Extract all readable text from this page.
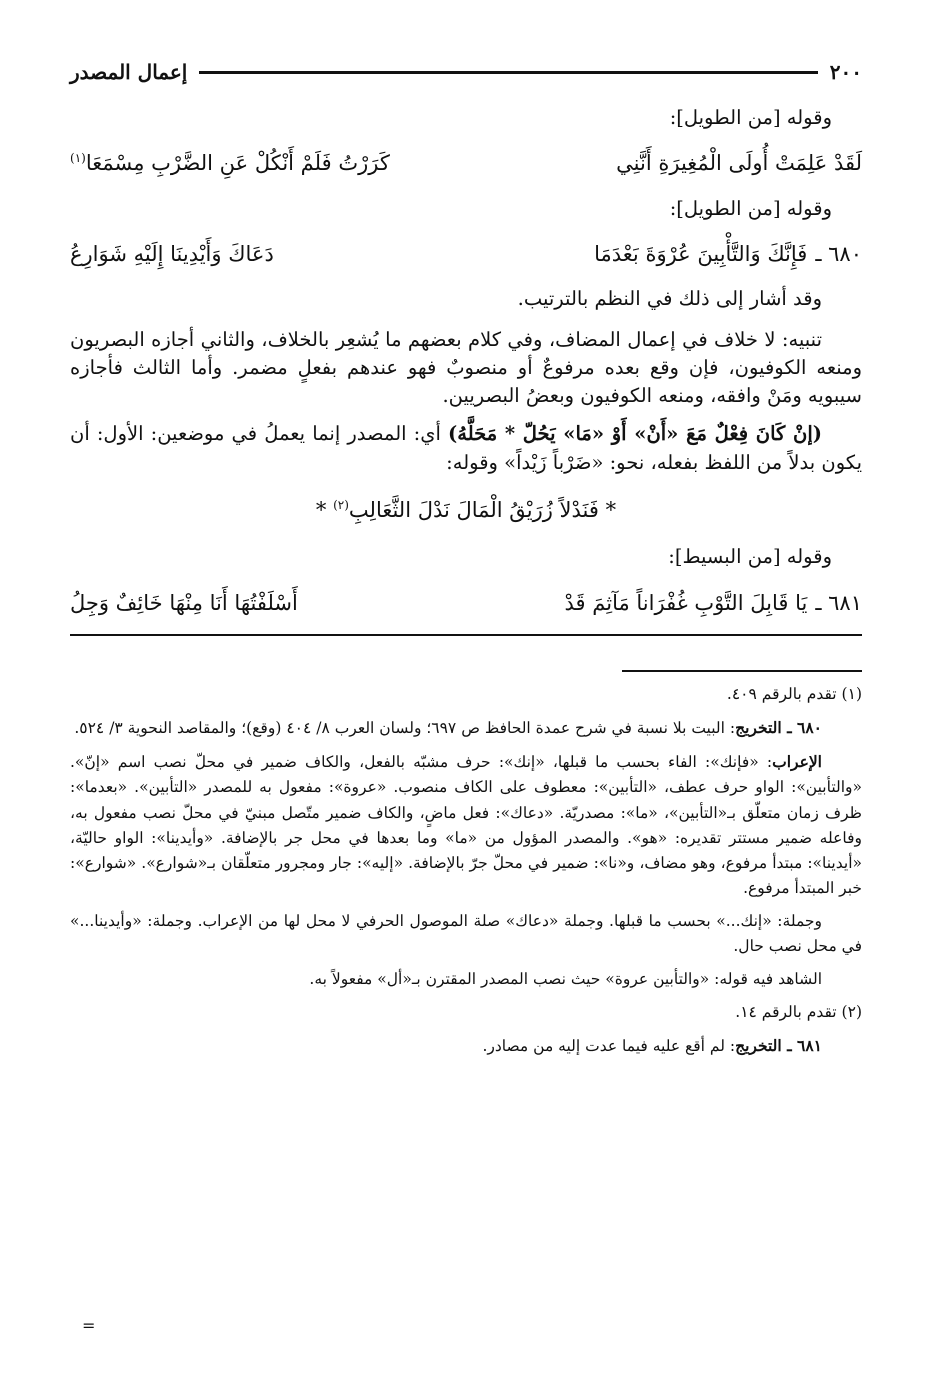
٢٠٠
إعمال المصدر
وقوله [من الطويل]:
لَقَدْ عَلِمَتْ أُولَى الْمُغِيرَةِ أَنَّنِي
كَرَرْتُ فَلَمْ أَنْكُلْ عَنِ الضَّرْبِ مِسْمَعَا$^{(١)}$
وقوله [من الطويل]:
٦٨٠ ـ
فَإِنَّكَ وَالتَّأْبِينَ عُرْوَةَ بَعْدَمَا
دَعَاكَ وَأَيْدِينَا إِلَيْهِ شَوَارِعُ
وقد أشار إلى ذلك في النظم بالترتيب.
تنبيه: لا خلاف في إعمال المضاف، وفي كلام بعضهم ما يُشعِر بالخلاف، والثاني أجازه البصريون ومنعه الكوفيون، فإن وقع بعده مرفوعٌ أو منصوبٌ فهو عندهم بفعلٍ مضمر. وأما الثالث فأجازه سيبويه ومَنْ وافقه، ومنعه الكوفيون وبعضُ البصريين.
(إنْ كَانَ فِعْلٌ مَعَ «أَنْ» أَوْ «مَا» يَحُلّ * مَحَلَّهُ) أي: المصدر إنما يعملُ في موضعين: الأول: أن يكون بدلاً من اللفظ بفعله، نحو: «ضَرْباً زَيْداً» وقوله:
* فَنَدْلاً زُرَيْقُ الْمَالَ نَدْلَ الثَّعَالِبِ$^{(٢)}$ *
وقوله [من البسيط]:
٦٨١ ـ
يَا قَابِلَ التَّوْبِ غُفْرَاناً مَآثِمَ قَدْ
أَسْلَفْتُهَا أَنَا مِنْهَا خَائِفٌ وَجِلُ

(١) تقدم بالرقم ٤٠٩.

٦٨٠ ـ التخريج: البيت بلا نسبة في شرح عمدة الحافظ ص ٦٩٧؛ ولسان العرب ٨/ ٤٠٤ (وقع)؛ والمقاصد النحوية ٣/ ٥٢٤.

الإعراب: «فإنك»: الفاء بحسب ما قبلها، «إنك»: حرف مشبّه بالفعل، والكاف ضمير في محلّ نصب اسم «إنّ». «والتأبين»: الواو حرف عطف، «التأبين»: معطوف على الكاف منصوب. «عروة»: مفعول به للمصدر «التأبين». «بعدما»: ظرف زمان متعلّق بـ«التأبين»، «ما»: مصدريّة. «دعاك»: فعل ماضٍ، والكاف ضمير متّصل مبنيّ في محلّ نصب مفعول به، وفاعله ضمير مستتر تقديره: «هو». والمصدر المؤول من «ما» وما بعدها في محل جر بالإضافة. «وأيدينا»: الواو حاليّة، «أيدينا»: مبتدأ مرفوع، وهو مضاف، و«نا»: ضمير في محلّ جرّ بالإضافة. «إليه»: جار ومجرور متعلّقان بـ«شوارع». «شوارع»: خبر المبتدأ مرفوع.

وجملة: «إنك...» بحسب ما قبلها. وجملة «دعاك» صلة الموصول الحرفي لا محل لها من الإعراب. وجملة: «وأيدينا...» في محل نصب حال.

الشاهد فيه قوله: «والتأبين عروة» حيث نصب المصدر المقترن بـ«أل» مفعولاً به.

(٢) تقدم بالرقم ١٤.

٦٨١ ـ التخريج: لم أقع عليه فيما عدت إليه من مصادر.

=
